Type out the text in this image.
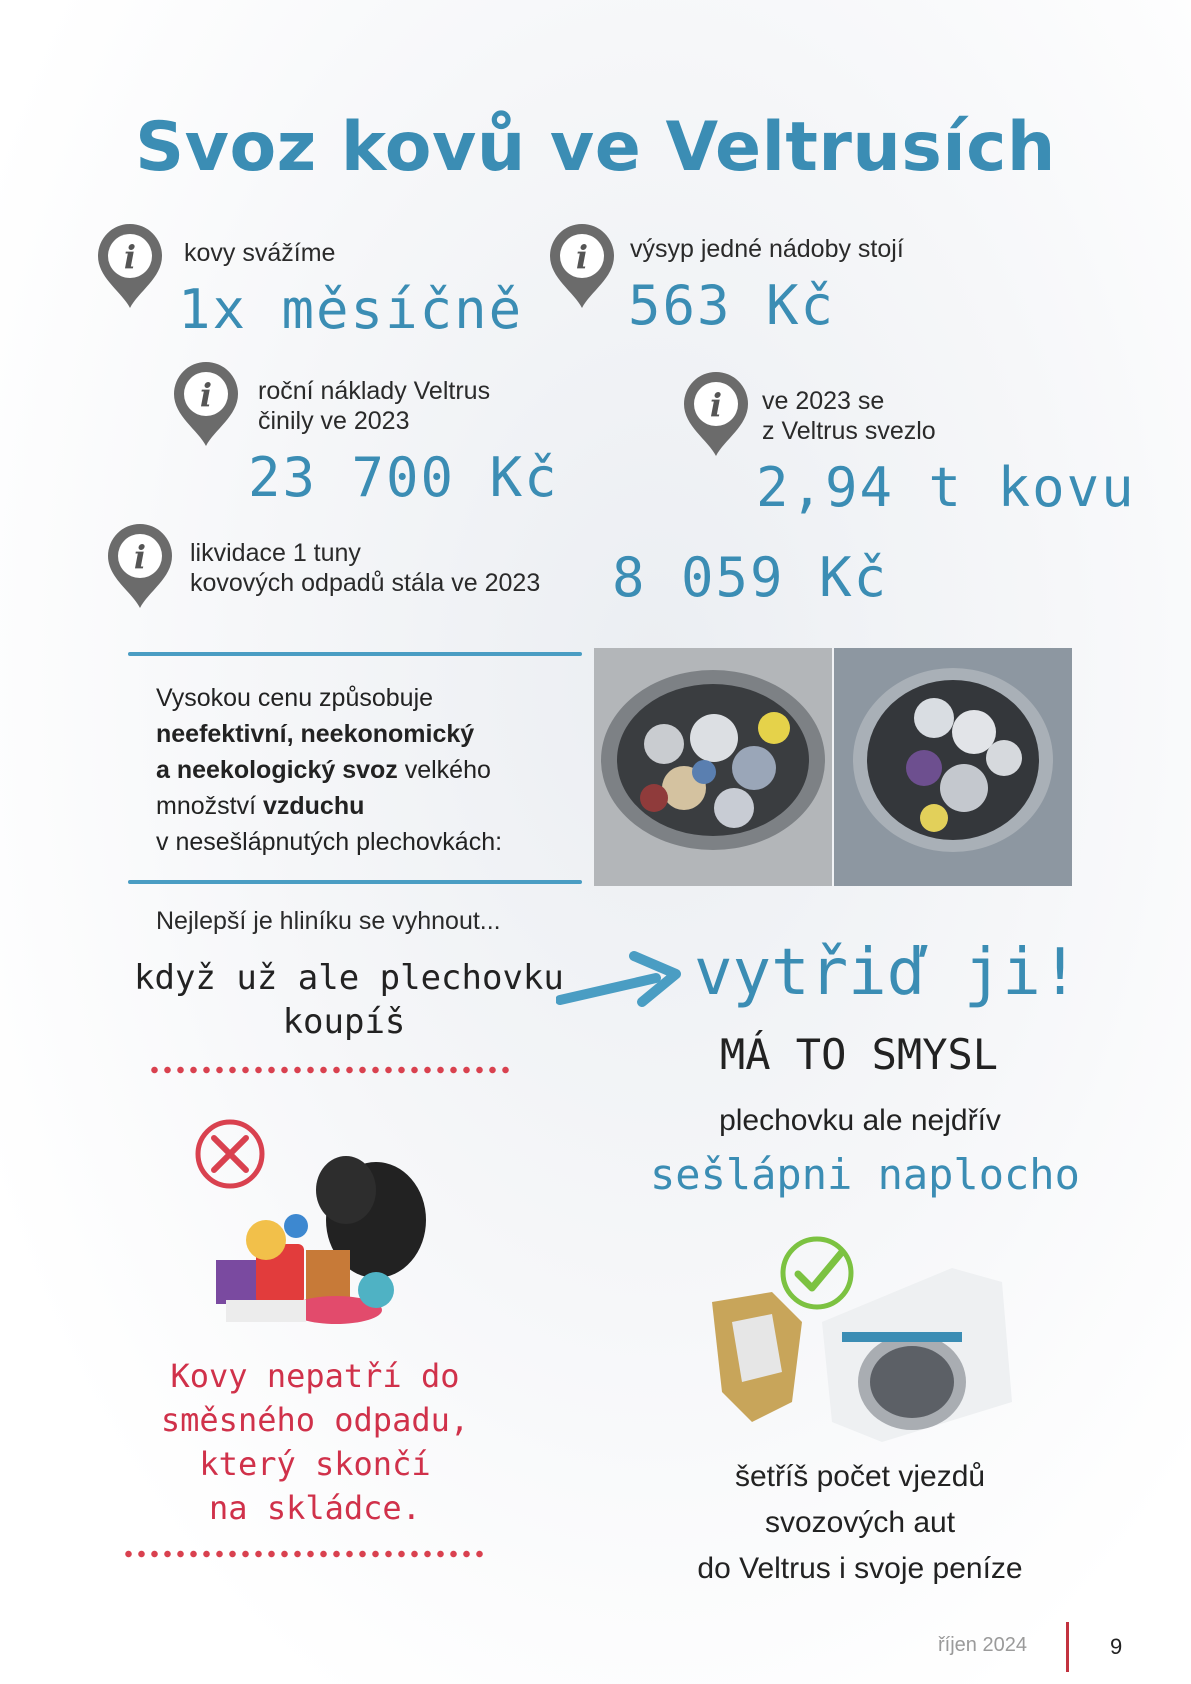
Svoz kovů ve Veltrusích
i kovy svážíme
1x měsíčně
i výsyp jedné nádoby stojí
563 Kč
i roční náklady Veltrus
činily ve 2023
23 700 Kč
i ve 2023 se
z Veltrus svezlo
2,94 t kovu
i likvidace 1 tuny
kovových odpadů stála ve 2023 8 059 Kč
Vysokou cenu způsobuje
neefektivní, neekonomický
a neekologický svoz velkého
množství vzduchu
v nesešlápnutých plechovkách:
Nejlepší je hliníku se vyhnout...
když už ale plechovku
koupíš
vytřiď ji!
MÁ TO SMYSL
plechovku ale nejdřív
sešlápni naplocho
Kovy nepatří do
směsného odpadu,
který skončí
na skládce.
šetříš počet vjezdů
svozových aut
do Veltrus i svoje peníze
říjen 2024	9
